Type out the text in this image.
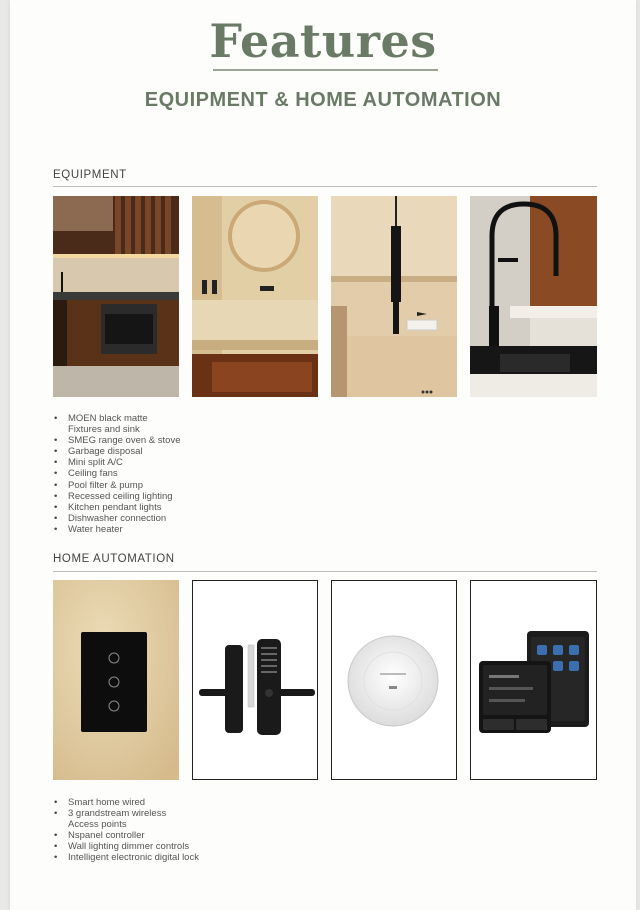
Features
EQUIPMENT & HOME AUTOMATION
EQUIPMENT
• MOEN black matte
Fixtures and sink
• SMEG range oven & stove
• Garbage disposal
• Mini split A/C
• Ceiling fans
• Pool filter & pump
• Recessed ceiling lighting
• Kitchen pendant lights
• Dishwasher connection
• Water heater
HOME AUTOMATION
• Smart home wired
• 3 grandstream wireless
Access points
• Nspanel controller
• Wall lighting dimmer controls
• Intelligent electronic digital lock
